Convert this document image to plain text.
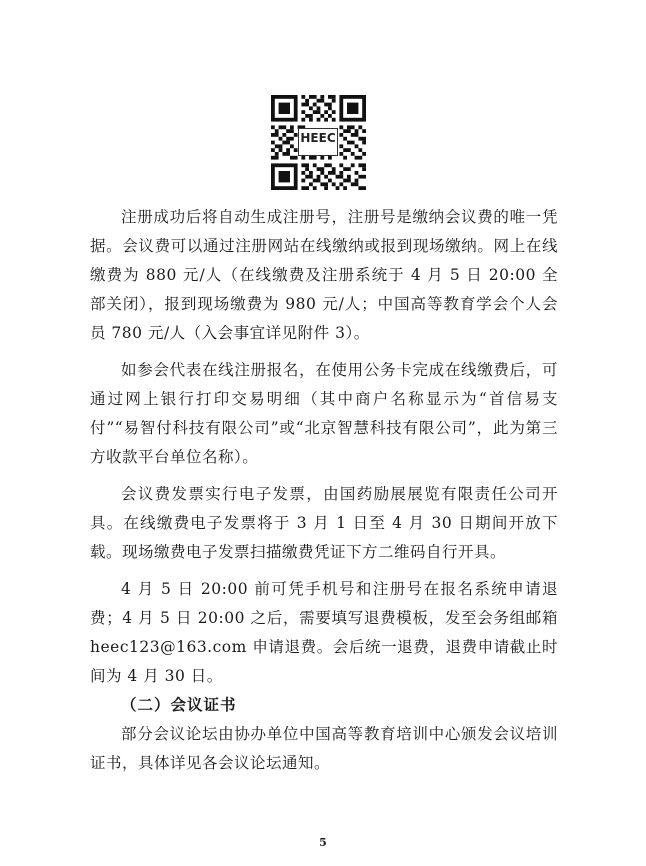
HEEC

注册成功后将自动生成注册号，注册号是缴纳会议费的唯一凭据。会议费可以通过注册网站在线缴纳或报到现场缴纳。网上在线缴费为 880 元/人（在线缴费及注册系统于 4 月 5 日 20:00 全部关闭），报到现场缴费为 980 元/人；中国高等教育学会个人会员 780 元/人（入会事宜详见附件 3）。

如参会代表在线注册报名，在使用公务卡完成在线缴费后，可通过网上银行打印交易明细（其中商户名称显示为“首信易支付”“易智付科技有限公司”或“北京智慧科技有限公司”，此为第三方收款平台单位名称）。

会议费发票实行电子发票，由国药励展展览有限责任公司开具。在线缴费电子发票将于 3 月 1 日至 4 月 30 日期间开放下载。现场缴费电子发票扫描缴费凭证下方二维码自行开具。

4 月 5 日 20:00 前可凭手机号和注册号在报名系统申请退费；4 月 5 日 20:00 之后，需要填写退费模板，发至会务组邮箱 heec123@163.com 申请退费。会后统一退费，退费申请截止时间为 4 月 30 日。

（二）会议证书

部分会议论坛由协办单位中国高等教育培训中心颁发会议培训证书，具体详见各会议论坛通知。

5
